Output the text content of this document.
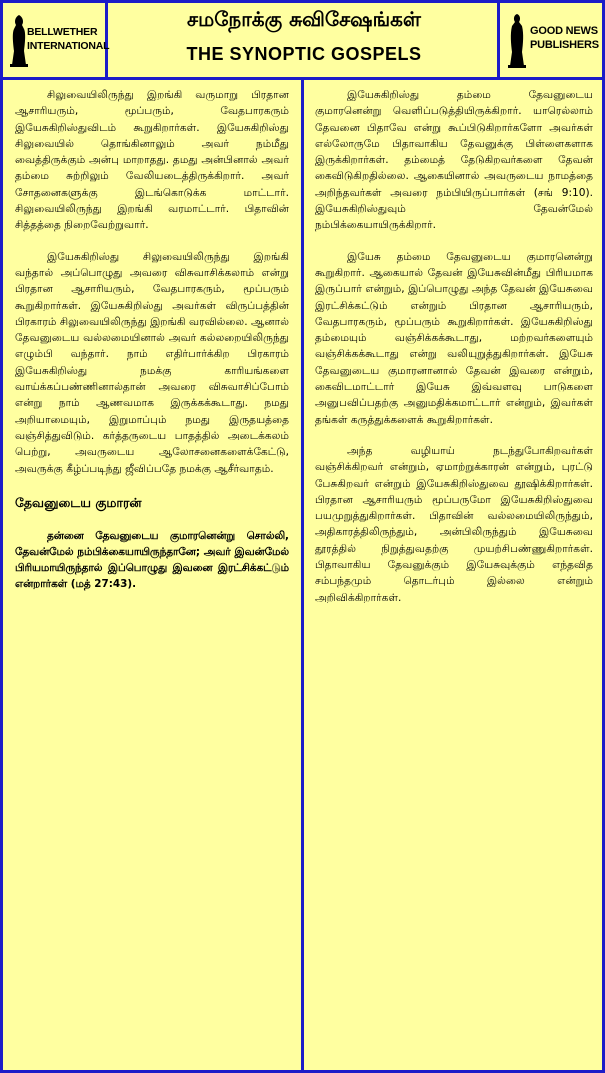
BELLWETHER
INTERNATIONAL
சமநோக்கு சுவிசேஷங்கள்
THE SYNOPTIC GOSPELS
GOOD NEWS
PUBLISHERS

சிலுவையிலிருந்து இறங்கி வருமாறு பிரதான ஆசாரியரும், மூப்பரும், வேதபாரகரும் இயேசுகிறிஸ்துவிடம் கூறுகிறார்கள். இயேசுகிறிஸ்து சிலுவையில் தொங்கினாலும் அவர் நம்மீது வைத்திருக்கும் அன்பு மாறாதது. தமது அன்பினால் அவர் தம்மை சுற்றிலும் வேலியடைத்திருக்கிறார். அவர் சோதனைகளுக்கு இடங்கொடுக்க மாட்டார். சிலுவையிலிருந்து இறங்கி வரமாட்டார். பிதாவின் சித்தத்தை நிறைவேற்றுவார்.

இயேசுகிறிஸ்து சிலுவையிலிருந்து இறங்கி வந்தால் அப்பொழுது அவரை விசுவாசிக்கலாம் என்று பிரதான ஆசாரியரும், வேதபாரகரும், மூப்பரும் கூறுகிறார்கள். இயேசுகிறிஸ்து அவர்கள் விருப்பத்தின் பிரகாரம் சிலுவையிலிருந்து இறங்கி வரவில்லை. ஆனால் தேவனுடைய வல்லமையினால் அவர் கல்லறையிலிருந்து எழும்பி வந்தார். நாம் எதிர்பார்க்கிற பிரகாரம் இயேசுகிறிஸ்து நமக்கு காரியங்களை வாய்க்கப்பண்ணினால்தான் அவரை விசுவாசிப்போம் என்று நாம் ஆணவமாக இருக்கக்கூடாது. நமது அறியாமையும், இறுமாப்பும் நமது இருதயத்தை வஞ்சித்துவிடும். கர்த்தருடைய பாதத்தில் அடைக்கலம் பெற்று, அவருடைய ஆலோசனைகளைக்கேட்டு, அவருக்கு கீழ்ப்படிந்து ஜீவிப்பதே நமக்கு ஆசீர்வாதம்.

தேவனுடைய குமாரன்

தன்னை தேவனுடைய குமாரனென்று சொல்லி, தேவன்மேல் நம்பிக்கையாயிருந்தானே; அவர் இவன்மேல் பிரியமாயிருந்தால் இப்பொழுது இவனை இரட்சிக்கட்டும் என்றார்கள் (மத் 27:43).

இயேசுகிறிஸ்து தம்மை தேவனுடைய குமாரனென்று வெளிப்படுத்தியிருக்கிறார். யாரெல்லாம் தேவனை பிதாவே என்று கூப்பிடுகிறார்களோ அவர்கள் எல்லோருமே பிதாவாகிய தேவனுக்கு பிள்ளைகளாக இருக்கிறார்கள். தம்மைத் தேடுகிறவர்களை தேவன் கைவிடுகிறதில்லை. ஆகையினால் அவருடைய நாமத்தை அறிந்தவர்கள் அவரை நம்பியிருப்பார்கள் (சங் 9:10). இயேசுகிறிஸ்துவும் தேவன்மேல் நம்பிக்கையாயிருக்கிறார்.

இயேசு தம்மை தேவனுடைய குமாரனென்று கூறுகிறார். ஆகையால் தேவன் இயேசுவின்மீது பிரியமாக இருப்பார் என்றும், இப்பொழுது அந்த தேவன் இயேசுவை இரட்சிக்கட்டும் என்றும் பிரதான ஆசாரியரும், வேதபாரகரும், மூப்பரும் கூறுகிறார்கள். இயேசுகிறிஸ்து தம்மையும் வஞ்சிக்கக்கூடாது, மற்றவர்களையும் வஞ்சிக்கக்கூடாது என்று வலியுறுத்துகிறார்கள். இயேசு தேவனுடைய குமாரனானால் தேவன் இவரை என்றும், கைவிடமாட்டார் இயேசு இவ்வளவு பாடுகளை அனுபவிப்பதற்கு அனுமதிக்கமாட்டார் என்றும், இவர்கள் தங்கள் கருத்துக்களைக் கூறுகிறார்கள்.

அந்த வழியாய் நடந்துபோகிறவர்கள் வஞ்சிக்கிறவர் என்றும், ஏமாற்றுக்காரன் என்றும், புரட்டு பேசுகிறவர் என்றும் இயேசுகிறிஸ்துவை தூஷிக்கிறார்கள். பிரதான ஆசாரியரும் மூப்பருமோ இயேசுகிறிஸ்துவை பயமுறுத்துகிறார்கள். பிதாவின் வல்லமையிலிருந்தும், அதிகாரத்திலிருந்தும், அன்பிலிருந்தும் இயேசுவை தூரத்தில் நிறுத்துவதற்கு முயற்சிபண்ணுகிறார்கள். பிதாவாகிய தேவனுக்கும் இயேசுவுக்கும் எந்தவித சம்பந்தமும் தொடர்பும் இல்லை என்றும் அறிவிக்கிறார்கள்.
